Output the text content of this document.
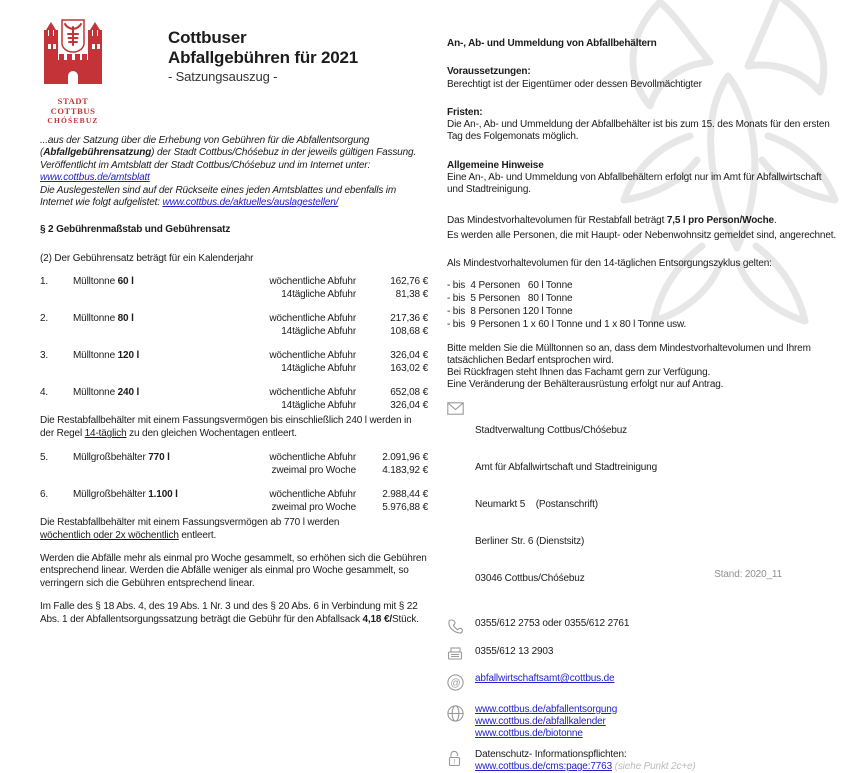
STADT COTTBUS
CHÓŚEBUZ
Cottbuser
Abfallgebühren für 2021
- Satzungsauszug -

...aus der Satzung über die Erhebung von Gebühren für die Abfallentsorgung (Abfallgebührensatzung) der Stadt Cottbus/Chóśebuz in der jeweils gültigen Fassung. Veröffentlicht im Amtsblatt der Stadt Cottbus/Chóśebuz und im Internet unter: www.cottbus.de/amtsblatt
Die Auslegestellen sind auf der Rückseite eines jeden Amtsblattes und ebenfalls im Internet wie folgt aufgelistet: www.cottbus.de/aktuelles/auslagestellen/

§ 2 Gebührenmaßstab und Gebührensatz
(2) Der Gebührensatz beträgt für ein Kalenderjahr
1.	Mülltonne 60 l	wöchentliche Abfuhr	162,76 €
14tägliche Abfuhr	81,38 €
2.	Mülltonne 80 l	wöchentliche Abfuhr	217,36 €
14tägliche Abfuhr	108,68 €
3.	Mülltonne 120 l	wöchentliche Abfuhr	326,04 €
14tägliche Abfuhr	163,02 €
4.	Mülltonne 240 l	wöchentliche Abfuhr	652,08 €
14tägliche Abfuhr	326,04 €

Die Restabfallbehälter mit einem Fassungsvermögen bis einschließlich 240 l werden in der Regel 14-täglich zu den gleichen Wochentagen entleert.

5.	Müllgroßbehälter 770 l	wöchentliche Abfuhr	2.091,96 €
zweimal pro Woche	4.183,92 €
6.	Müllgroßbehälter 1.100 l	wöchentliche Abfuhr	2.988,44 €
zweimal pro Woche	5.976,88 €

Die Restabfallbehälter mit einem Fassungsvermögen ab 770 l werden
wöchentlich oder 2x wöchentlich entleert.

Werden die Abfälle mehr als einmal pro Woche gesammelt, so erhöhen sich die Gebühren entsprechend linear. Werden die Abfälle weniger als einmal pro Woche gesammelt, so verringern sich die Gebühren entsprechend linear.

Im Falle des § 18 Abs. 4, des 19 Abs. 1 Nr. 3 und des § 20 Abs. 6 in Verbindung mit § 22 Abs. 1 der Abfallentsorgungssatzung beträgt die Gebühr für den Abfallsack 4,18 €/Stück.

An-, Ab- und Ummeldung von Abfallbehältern
Voraussetzungen:
Berechtigt ist der Eigentümer oder dessen Bevollmächtigter
Fristen:
Die An-, Ab- und Ummeldung der Abfallbehälter ist bis zum 15. des Monats für den ersten Tag des Folgemonats möglich.
Allgemeine Hinweise
Eine An-, Ab- und Ummeldung von Abfallbehältern erfolgt nur im Amt für Abfallwirtschaft und Stadtreinigung.
Das Mindestvorhaltevolumen für Restabfall beträgt 7,5 l pro Person/Woche.
Es werden alle Personen, die mit Haupt- oder Nebenwohnsitz gemeldet sind, angerechnet.
Als Mindestvorhaltevolumen für den 14-täglichen Entsorgungszyklus gelten:
- bis  4 Personen   60 l Tonne
- bis  5 Personen   80 l Tonne
- bis  8 Personen 120 l Tonne
- bis  9 Personen 1 x 60 l Tonne und 1 x 80 l Tonne usw.
Bitte melden Sie die Mülltonnen so an, dass dem Mindestvorhaltevolumen und Ihrem tatsächlichen Bedarf entsprochen wird.
Bei Rückfragen steht Ihnen das Fachamt gern zur Verfügung.
Eine Veränderung der Behälterausrüstung erfolgt nur auf Antrag.

Stadtverwaltung Cottbus/Chóśebuz

Amt für Abfallwirtschaft und Stadtreinigung

Neumarkt 5    (Postanschrift)

Berliner Str. 6 (Dienstsitz)

03046 Cottbus/Chóśebuz

0355/612 2753 oder 0355/612 2761
0355/612 13 2903
@ abfallwirtschaftsamt@cottbus.de
www.cottbus.de/abfallentsorgung
www.cottbus.de/abfallkalender
www.cottbus.de/biotonne
!
Datenschutz- Informationspflichten:
www.cottbus.de/cms:page:7763 (siehe Punkt 2c+e)
Stand: 2020_11
